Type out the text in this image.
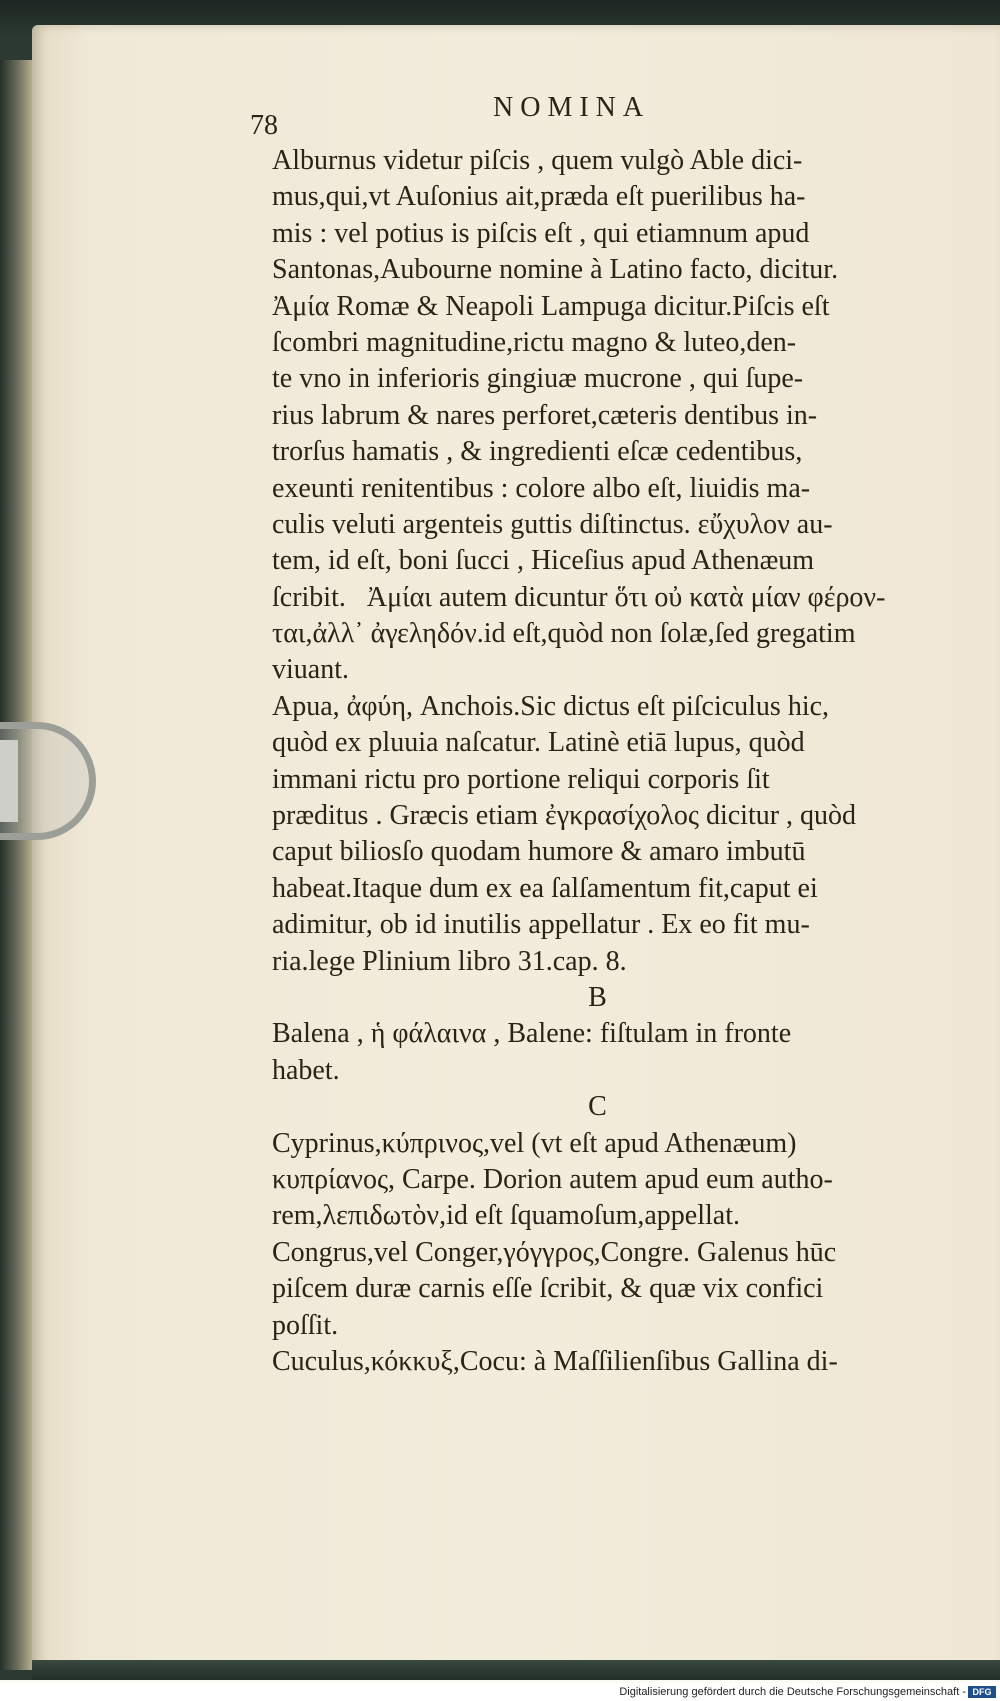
78
NOMINA
Alburnus videtur piſcis , quem vulgò Able dici-
mus,qui,vt Auſonius ait,præda eſt puerilibus ha-
mis : vel potius is piſcis eſt , qui etiamnum apud
Santonas,Aubourne nomine à Latino facto, dicitur.
Ἀμία Romæ & Neapoli Lampuga dicitur.Piſcis eſt
ſcombri magnitudine,rictu magno & luteo,den-
te vno in inferioris gingiuæ mucrone , qui ſupe-
rius labrum & nares perforet,cæteris dentibus in-
trorſus hamatis , & ingredienti eſcæ cedentibus,
exeunti renitentibus : colore albo eſt, liuidis ma-
culis veluti argenteis guttis diſtinctus. εὔχυλον au-
tem, id eſt, boni ſucci , Hiceſius apud Athenæum
ſcribit.   Ἀμίαι autem dicuntur ὅτι οὐ κατὰ μίαν φέρον-
ται,ἀλλ᾽ ἀγεληδόν.id eſt,quòd non ſolæ,ſed gregatim
viuant.
Apua, ἀφύη, Anchois.Sic dictus eſt piſciculus hic,
quòd ex pluuia naſcatur. Latinè etiā lupus, quòd
immani rictu pro portione reliqui corporis ſit
præditus . Græcis etiam ἐγκρασίχολος dicitur , quòd
caput biliosſo quodam humore & amaro imbutū
habeat.Itaque dum ex ea ſalſamentum fit,caput ei
adimitur, ob id inutilis appellatur . Ex eo fit mu-
ria.lege Plinium libro 31.cap. 8.
B
Balena , ἡ φάλαινα , Balene: fiſtulam in fronte
habet.
C
Cyprinus,κύπρινος,vel (vt eſt apud Athenæum)
κυπρίανος, Carpe. Dorion autem apud eum autho-
rem,λεπιδωτὸν,id eſt ſquamoſum,appellat.
Congrus,vel Conger,γόγγρος,Congre. Galenus hūc
piſcem duræ carnis eſſe ſcribit, & quæ vix confici
poſſit.
Cuculus,κόκκυξ,Cocu: à Maſſilienſibus Gallina di-
Digitalisierung gefördert durch die Deutsche Forschungsgemeinschaft - DFG
